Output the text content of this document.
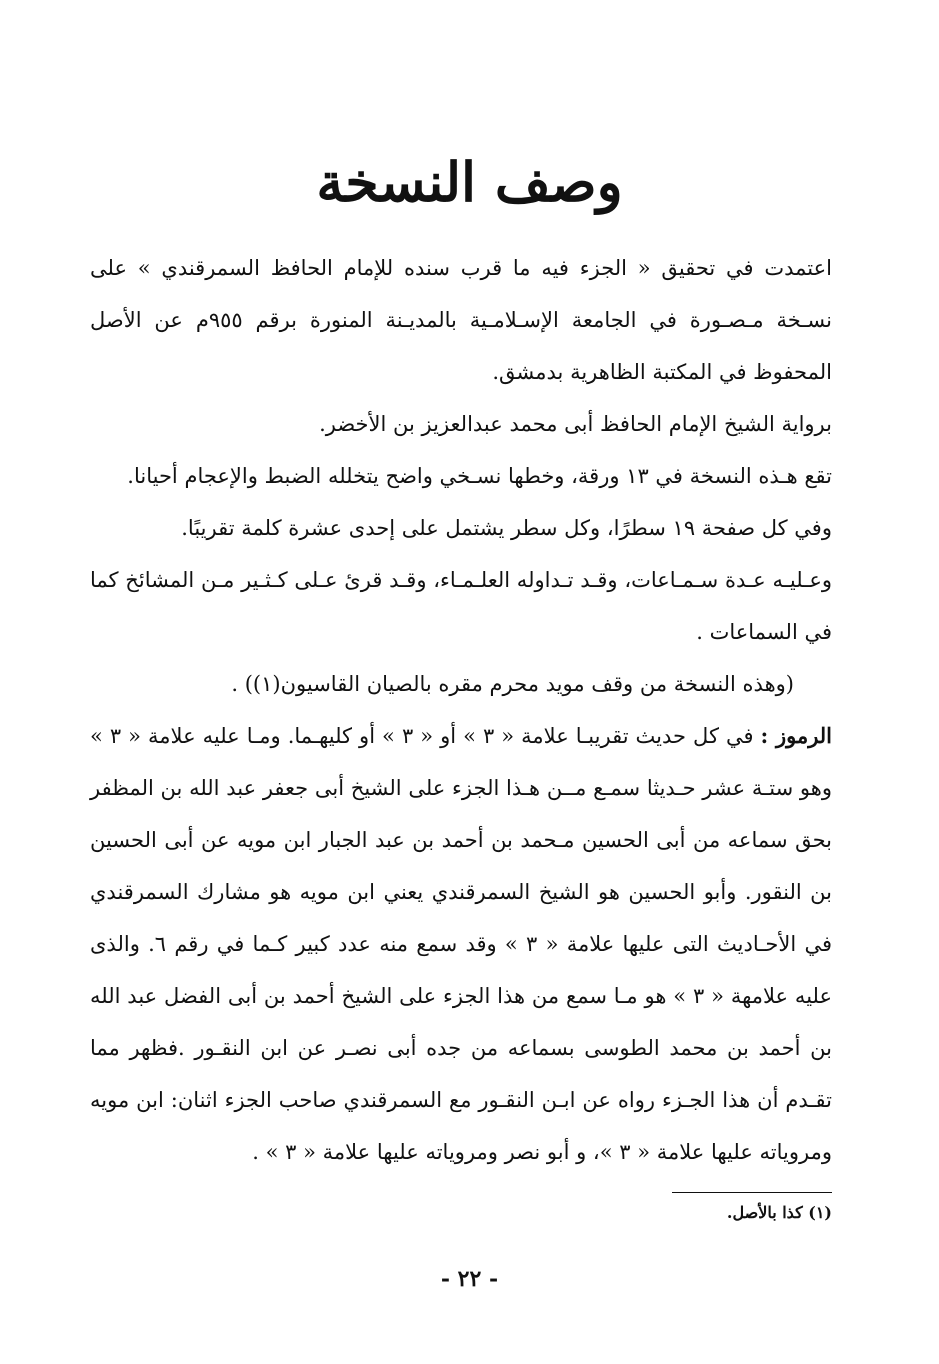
وصف النسخة

اعتمدت في تحقيق « الجزء فيه ما قرب سنده للإمام الحافظ السمرقندي » على نسـخة مـصـورة في الجامعة الإسـلامـية بالمديـنة المنورة برقم ٩٥٥م عن الأصل المحفوظ في المكتبة الظاهرية بدمشق.

برواية الشيخ الإمام الحافظ أبى محمد عبدالعزيز بن الأخضر.

تقع هـذه النسخة في ١٣ ورقة، وخطها نسـخي واضح يتخلله الضبط والإعجام أحيانا.

وفي كل صفحة ١٩ سطرًا، وكل سطر يشتمل على إحدى عشرة كلمة تقريبًا.

وعـليـه عـدة سـمـاعات، وقـد تـداوله العلـمـاء، وقـد قرئ عـلى كـثـير مـن المشائخ كما في السماعات .

(وهذه النسخة من وقف مويد محرم مقره بالصيان القاسيون(١)) .

الرموز : في كل حديث تقريبـا علامة « ٣ » أو « ٣ » أو كليهـما. ومـا عليه علامة « ٣ » وهو ستـة عشر حـديثا سمـع مــن هـذا الجزء على الشيخ أبى جعفر عبد الله بن المظفر بحق سماعه من أبى الحسين مـحمد بن أحمد بن عبد الجبار ابن مويه عن أبى الحسين بن النقور. وأبو الحسين هو الشيخ السمرقندي يعني ابن مويه هو مشارك السمرقندي في الأحـاديث التى عليها علامة « ٣ » وقد سمع منه عدد كبير كـما في رقم ٦. والذى عليه علامهة « ٣ » هو مـا سمع من هذا الجزء على الشيخ أحمد بن أبى الفضل عبد الله بن أحمد بن محمد الطوسى بسماعه من جده أبى نصـر عن ابن النقـور .فظهر مما تقـدم أن هذا الجـزء رواه عن ابـن النقـور مع السمرقندي صاحب الجزء اثنان: ابن مويه ومروياته عليها علامة « ٣ »، و أبو نصر ومروياته عليها علامة « ٣ » .

(١) كذا بالأصل.
- ٢٢ -
